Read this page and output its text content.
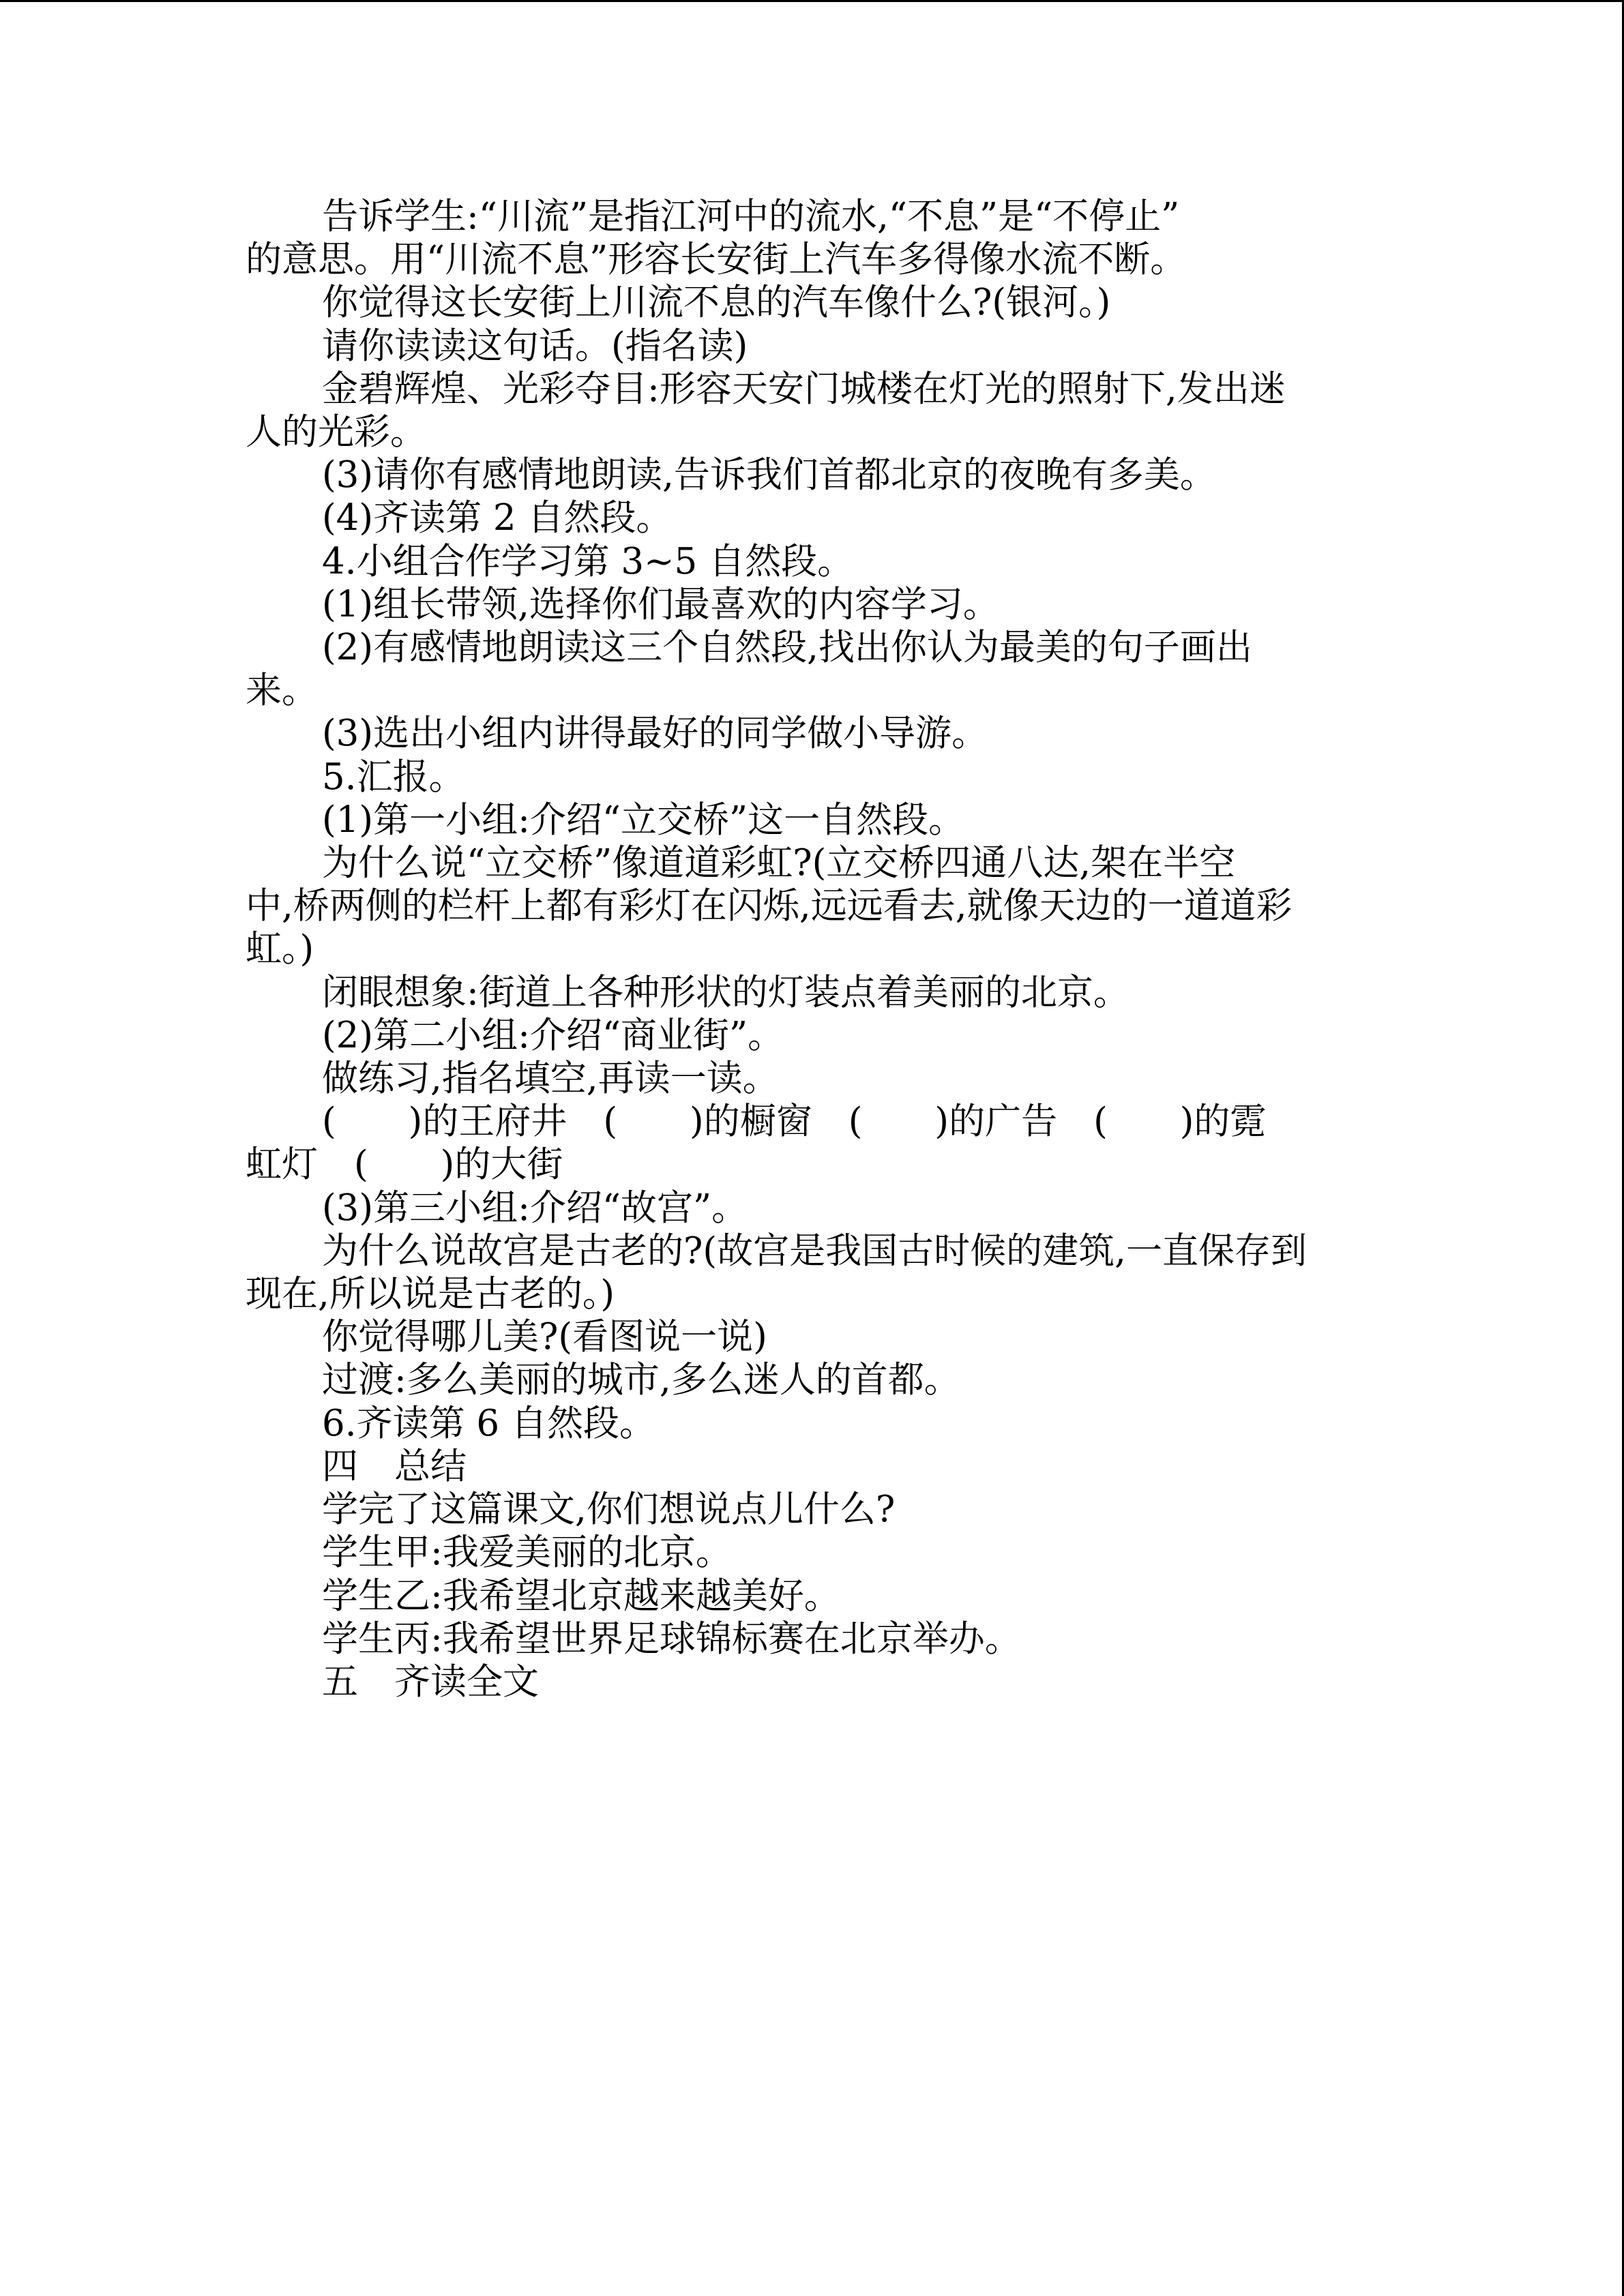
告诉学生:“川流”是指江河中的流水,“不息”是“不停止”

的意思。用“川流不息”形容长安街上汽车多得像水流不断。

你觉得这长安街上川流不息的汽车像什么?(银河。)

请你读读这句话。(指名读)

金碧辉煌、光彩夺目:形容天安门城楼在灯光的照射下,发出迷

人的光彩。

(3)请你有感情地朗读,告诉我们首都北京的夜晚有多美。

(4)齐读第 2 自然段。

4.小组合作学习第 3~5 自然段。

(1)组长带领,选择你们最喜欢的内容学习。

(2)有感情地朗读这三个自然段,找出你认为最美的句子画出

来。

(3)选出小组内讲得最好的同学做小导游。

5.汇报。

(1)第一小组:介绍“立交桥”这一自然段。

为什么说“立交桥”像道道彩虹?(立交桥四通八达,架在半空

中,桥两侧的栏杆上都有彩灯在闪烁,远远看去,就像天边的一道道彩

虹。)

闭眼想象:街道上各种形状的灯装点着美丽的北京。

(2)第二小组:介绍“商业街”。

做练习,指名填空,再读一读。

(　　)的王府井　(　　)的橱窗　(　　)的广告　(　　)的霓

虹灯　(　　)的大街

(3)第三小组:介绍“故宫”。

为什么说故宫是古老的?(故宫是我国古时候的建筑,一直保存到

现在,所以说是古老的。)

你觉得哪儿美?(看图说一说)

过渡:多么美丽的城市,多么迷人的首都。

6.齐读第 6 自然段。

四　总结

学完了这篇课文,你们想说点儿什么?

学生甲:我爱美丽的北京。

学生乙:我希望北京越来越美好。

学生丙:我希望世界足球锦标赛在北京举办。

五　齐读全文
